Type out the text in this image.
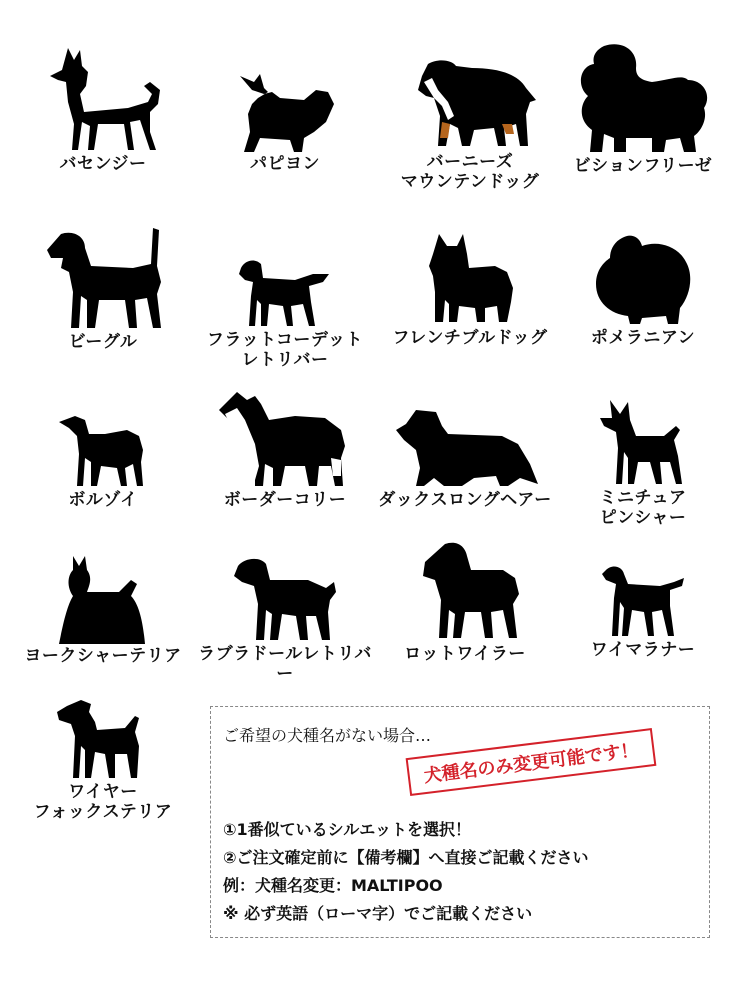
バセンジー	パピヨン	バーニーズ
マウンテンドッグ
ビションフリーゼ
ビーグル	フラットコーデット
レトリバー
フレンチブルドッグ	ポメラニアン
ボルゾイ	ボーダーコリー	ダックスロングヘアー	ミニチュア
ピンシャー
ヨークシャーテリア ラブラドールレトリバー
ロットワイラー	ワイマラナー
ワイヤー
フォックステリア
ご希望の犬種名がない場合…
犬種名のみ変更可能です！
①1番似ているシルエットを選択！
②ご注文確定前に【備考欄】へ直接ご記載ください
例：犬種名変更：MALTIPOO
※ 必ず英語（ローマ字）でご記載ください
